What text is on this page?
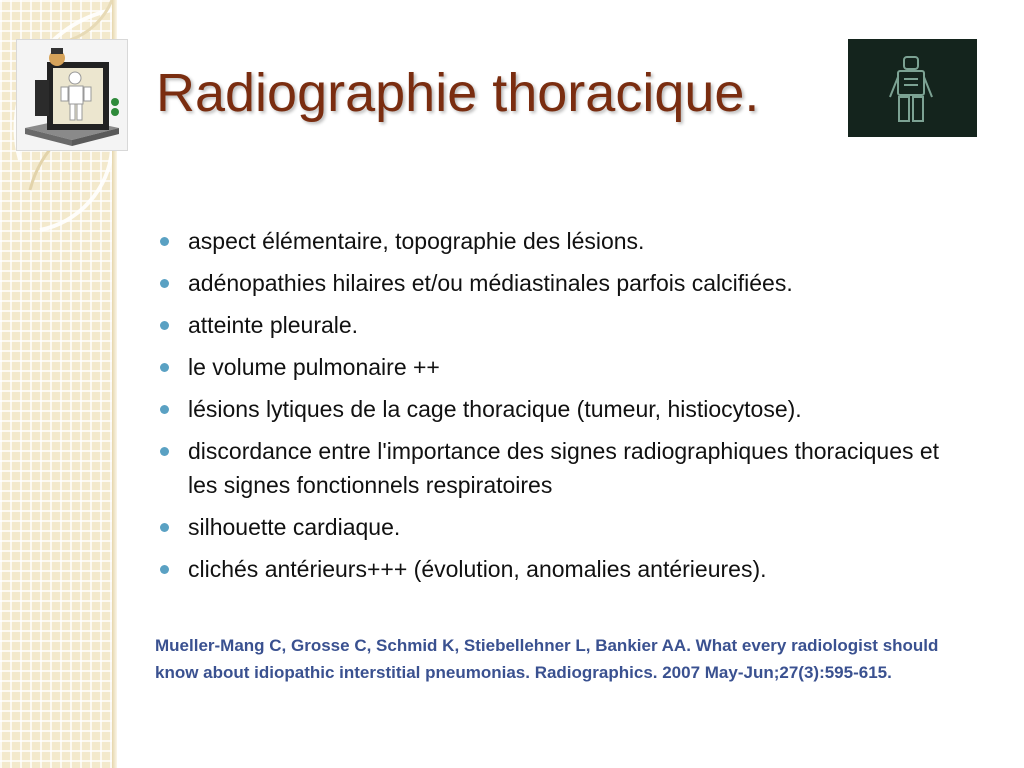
Radiographie thoracique.
aspect élémentaire, topographie des lésions.
adénopathies hilaires et/ou médiastinales parfois calcifiées.
atteinte pleurale.
le volume pulmonaire ++
lésions lytiques de la cage thoracique (tumeur, histiocytose).
discordance entre l'importance des signes radiographiques thoraciques et les signes fonctionnels respiratoires
silhouette cardiaque.
clichés antérieurs+++ (évolution, anomalies antérieures).

Mueller-Mang C, Grosse C, Schmid K, Stiebellehner L, Bankier AA. What every radiologist should know about idiopathic interstitial pneumonias. Radiographics. 2007 May-Jun;27(3):595-615.
